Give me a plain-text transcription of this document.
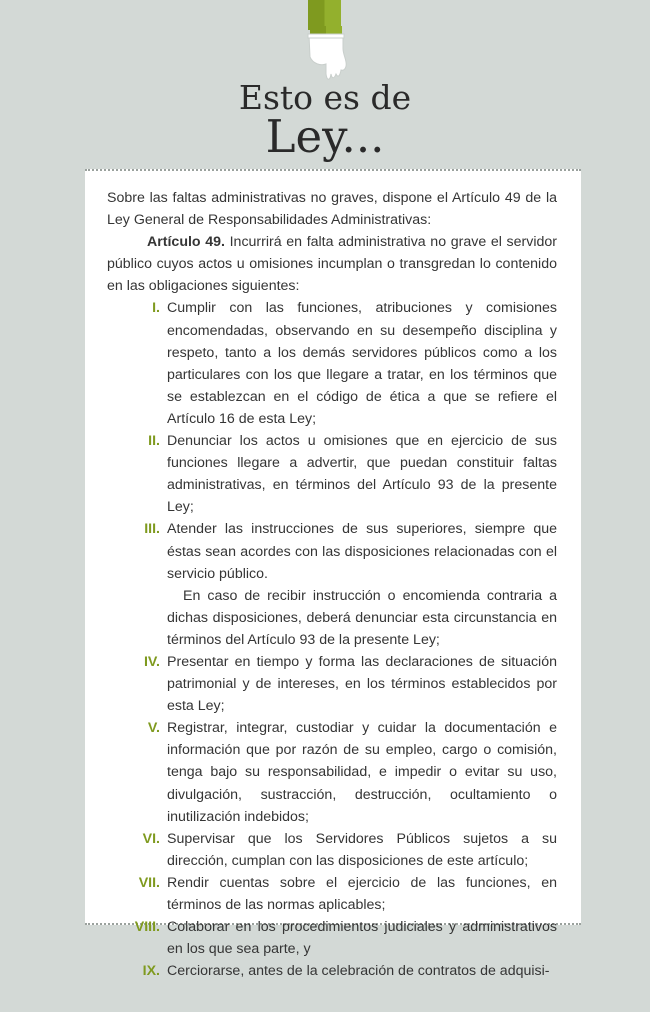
Esto es de
Ley...

Sobre las faltas administrativas no graves, dispone el Artículo 49 de la Ley General de Responsabilidades Administrativas:

Artículo 49. Incurrirá en falta administrativa no grave el servidor público cuyos actos u omisiones incumplan o transgredan lo contenido en las obligaciones siguientes:

I. Cumplir con las funciones, atribuciones y comisiones encomendadas, observando en su desempeño disciplina y respeto, tanto a los demás servidores públicos como a los particulares con los que llegare a tratar, en los términos que se establezcan en el código de ética a que se refiere el Artículo 16 de esta Ley;

II. Denunciar los actos u omisiones que en ejercicio de sus funciones llegare a advertir, que puedan constituir faltas administrativas, en términos del Artículo 93 de la presente Ley;

III. Atender las instrucciones de sus superiores, siempre que éstas sean acordes con las disposiciones relacionadas con el servicio público.

En caso de recibir instrucción o encomienda contraria a dichas disposiciones, deberá denunciar esta circunstancia en términos del Artículo 93 de la presente Ley;

IV. Presentar en tiempo y forma las declaraciones de situación patrimonial y de intereses, en los términos establecidos por esta Ley;

V. Registrar, integrar, custodiar y cuidar la documentación e información que por razón de su empleo, cargo o comisión, tenga bajo su responsabilidad, e impedir o evitar su uso, divulgación, sustracción, destrucción, ocultamiento o inutilización indebidos;

VI. Supervisar que los Servidores Públicos sujetos a su dirección, cumplan con las disposiciones de este artículo;

VII. Rendir cuentas sobre el ejercicio de las funciones, en términos de las normas aplicables;

VIII. Colaborar en los procedimientos judiciales y administrativos en los que sea parte, y

IX. Cerciorarse, antes de la celebración de contratos de adquisi-
